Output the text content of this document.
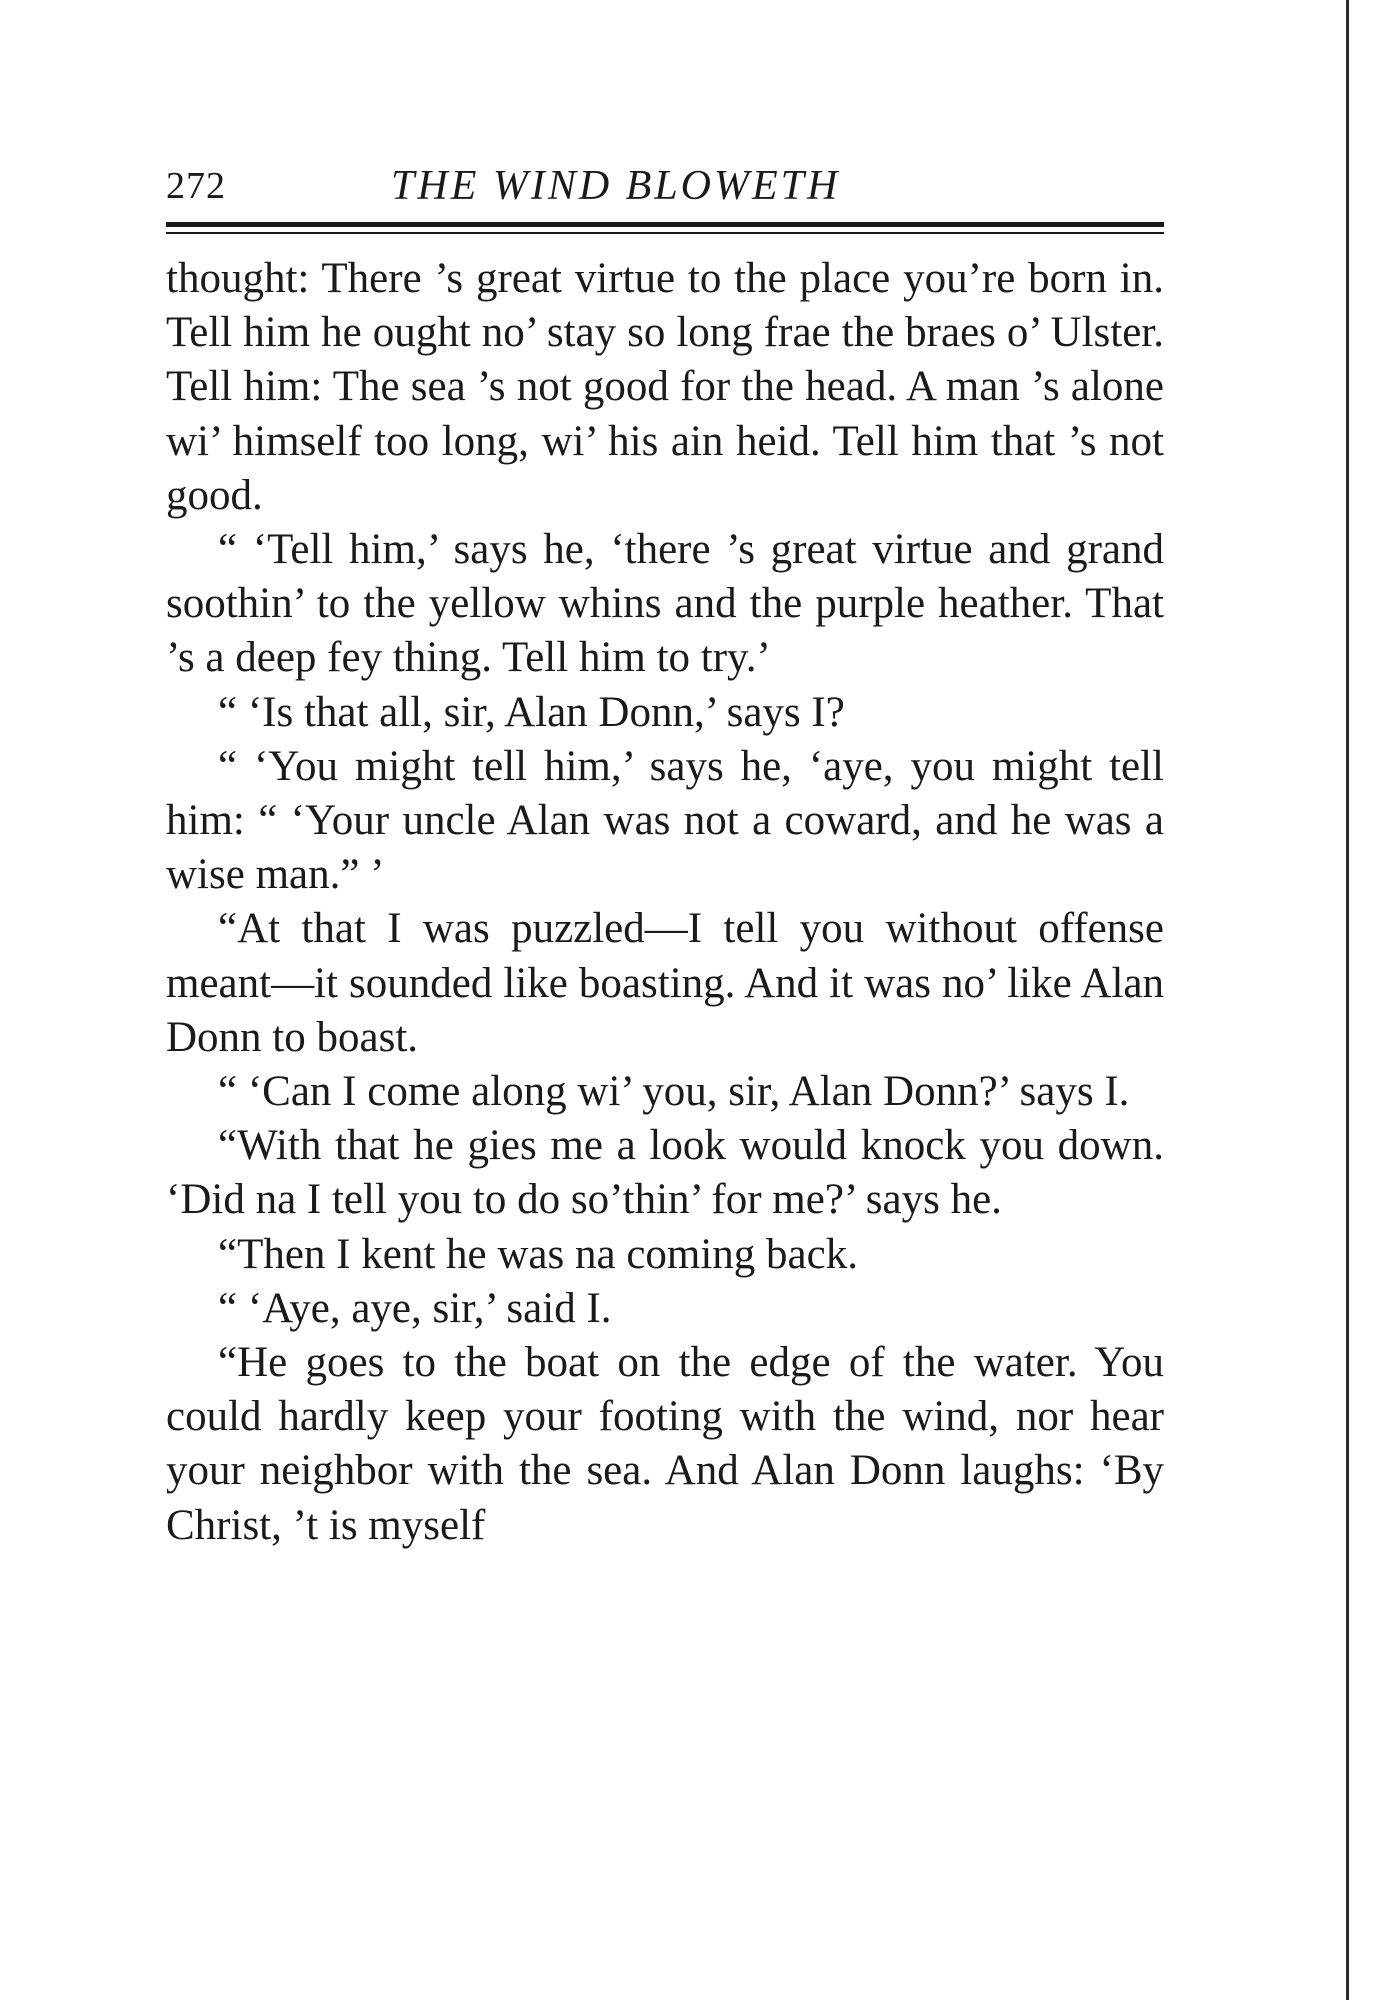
272	THE WIND BLOWETH

thought: There ’s great virtue to the place you’re born in. Tell him he ought no’ stay so long frae the braes o’ Ulster. Tell him: The sea ’s not good for the head. A man ’s alone wi’ himself too long, wi’ his ain heid. Tell him that ’s not good.

“ ‘Tell him,’ says he, ‘there ’s great virtue and grand soothin’ to the yellow whins and the purple heather. That ’s a deep fey thing. Tell him to try.’

“ ‘Is that all, sir, Alan Donn,’ says I?

“ ‘You might tell him,’ says he, ‘aye, you might tell him: “ ‘Your uncle Alan was not a coward, and he was a wise man.” ’

“At that I was puzzled—I tell you without offense meant—it sounded like boasting. And it was no’ like Alan Donn to boast.

“ ‘Can I come along wi’ you, sir, Alan Donn?’ says I.

“With that he gies me a look would knock you down. ‘Did na I tell you to do so’thin’ for me?’ says he.

“Then I kent he was na coming back.

“ ‘Aye, aye, sir,’ said I.

“He goes to the boat on the edge of the water. You could hardly keep your footing with the wind, nor hear your neighbor with the sea. And Alan Donn laughs: ‘By Christ, ’t is myself
